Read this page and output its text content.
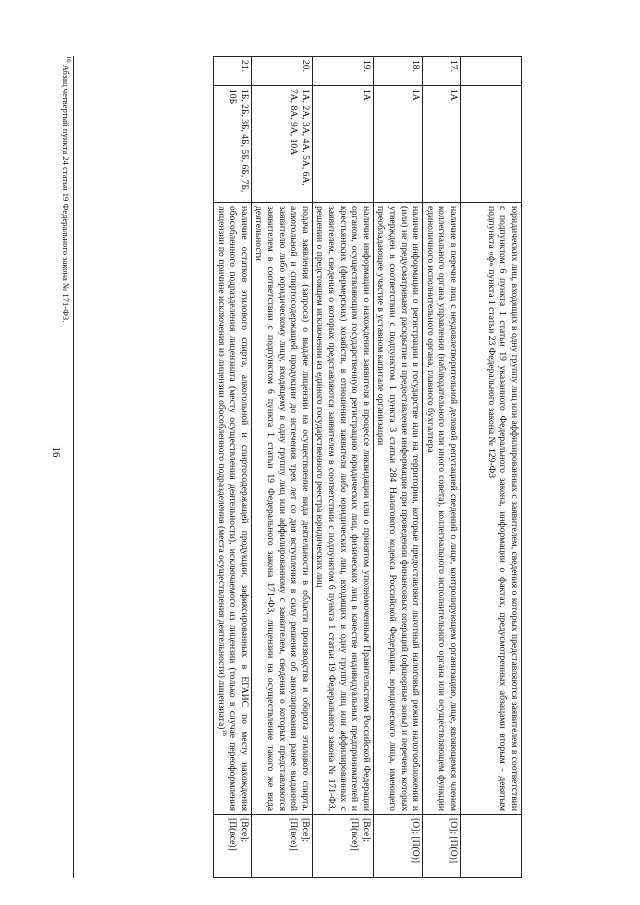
16
			юридических лиц, входящих в одну группу лиц или аффилированных с заявителем, сведения о которых представляются заявителем в соответствии с подпунктом 6 пункта 1 статьи 19 указанного Федерального закона, информации о фактах, предусмотренных абзацами вторым - девятым подпункта «ф» пункта 1 статьи 23 Федерального закона № 129-ФЗ	
17.	1А	наличие в перечне лиц с неудовлетворительной деловой репутацией сведений о лице, контролирующем организацию, лице, являющемся членом коллегиального органа управления (наблюдательного или иного совета), коллегиального исполнительного органа или осуществляющем функции единоличного исполнительного органа, главного бухгалтера	[О]; [П(О)]
18.	1А	наличие информации о регистрации в государстве или на территории, которые предоставляют льготный налоговый режим налогообложения и (или) не предусматривают раскрытие и предоставление информации при проведении финансовых операций (офшорные зоны) и перечень которых утвержден в соответствии с подпунктом 1 пункта 3 статьи 284 Налогового кодекса Российской Федерации, юридического лица, имеющего преобладающее участие в уставном капитале организации	[О]; [П(О)]
19.	1А	наличие информации о нахождении заявителя в процессе ликвидации или о принятом уполномоченным Правительством Российской Федерации органом, осуществляющим государственную регистрацию юридических лиц, физических лиц в качестве индивидуальных предпринимателей и крестьянских (фермерских) хозяйств, в отношении заявителя либо юридических лиц, входящих в одну группу лиц или аффилированных с заявителем, сведения о которых представляются заявителем в соответствии с подпунктом 6 пункта 1 статьи 19 Федерального закона № 171-ФЗ, решении о предстоящем исключении из единого государственного реестра юридических лиц	[Все]; [П(все)]
20.	1А, 2А, 3А, 4А, 5А, 6А, 7А, 8А, 9А, 10А	подача заявления (запроса) о выдаче лицензии на осуществление вида деятельности в области производства и оборота этилового спирта, алкогольной и спиртосодержащей продукции до истечения трех лет со дня вступления в силу решения об аннулировании ранее выданной заявителю либо юридическому лицу, входящему в одну группу лиц или аффилированному с заявителем, сведения о которых представляются заявителем в соответствии с подпунктом 6 пункта 1 статьи 19 Федерального закона 171-ФЗ, лицензии на осуществление такого же вида деятельности	[Все]; [П(все)]
21.	1Б, 2Б, 3Б, 4Б, 5Б, 6Б, 7Б, 10Б	наличие остатков этилового спирта, алкогольной и спиртосодержащей продукции, зафиксированных в ЕГАИС по месту нахождения обособленного подразделения лицензиата (месту осуществления деятельности), исключаемого из лицензии (только в случае переоформления лицензии по причине исключения из лицензии обособленного подразделения (места осуществления деятельности) лицензиата)$^{16}$	[Все]; [П(все)]
$^{16}$ Абзац четвертый пункта 24 статьи 19 Федерального закона № 171-ФЗ.
